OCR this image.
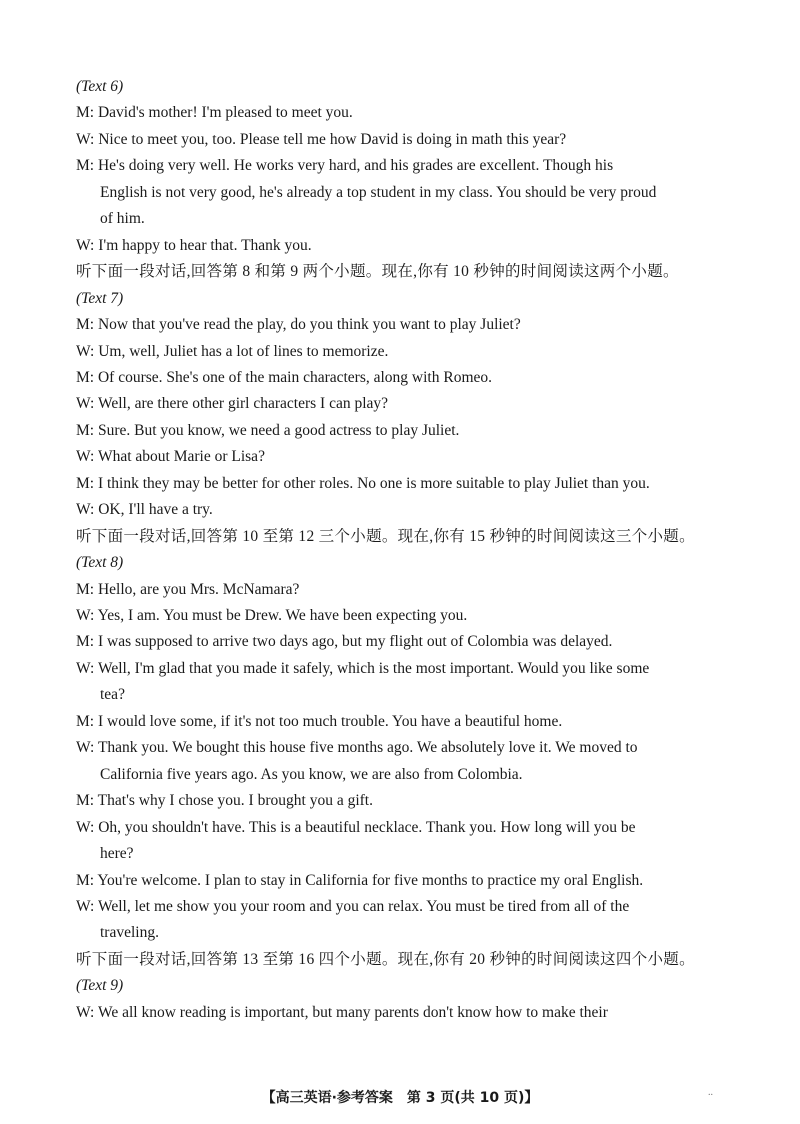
(Text 6)
M: David's mother! I'm pleased to meet you.
W: Nice to meet you, too. Please tell me how David is doing in math this year?
M: He's doing very well. He works very hard, and his grades are excellent. Though his
English is not very good, he's already a top student in my class. You should be very proud
of him.
W: I'm happy to hear that. Thank you.
听下面一段对话,回答第 8 和第 9 两个小题。现在,你有 10 秒钟的时间阅读这两个小题。
(Text 7)
M: Now that you've read the play, do you think you want to play Juliet?
W: Um, well, Juliet has a lot of lines to memorize.
M: Of course. She's one of the main characters, along with Romeo.
W: Well, are there other girl characters I can play?
M: Sure. But you know, we need a good actress to play Juliet.
W: What about Marie or Lisa?
M: I think they may be better for other roles. No one is more suitable to play Juliet than you.
W: OK, I'll have a try.
听下面一段对话,回答第 10 至第 12 三个小题。现在,你有 15 秒钟的时间阅读这三个小题。
(Text 8)
M: Hello, are you Mrs. McNamara?
W: Yes, I am. You must be Drew. We have been expecting you.
M: I was supposed to arrive two days ago, but my flight out of Colombia was delayed.
W: Well, I'm glad that you made it safely, which is the most important. Would you like some
tea?
M: I would love some, if it's not too much trouble. You have a beautiful home.
W: Thank you. We bought this house five months ago. We absolutely love it. We moved to
California five years ago. As you know, we are also from Colombia.
M: That's why I chose you. I brought you a gift.
W: Oh, you shouldn't have. This is a beautiful necklace. Thank you. How long will you be
here?
M: You're welcome. I plan to stay in California for five months to practice my oral English.
W: Well, let me show you your room and you can relax. You must be tired from all of the
traveling.
听下面一段对话,回答第 13 至第 16 四个小题。现在,你有 20 秒钟的时间阅读这四个小题。
(Text 9)
W: We all know reading is important, but many parents don't know how to make their
【高三英语·参考答案　第 3 页(共 10 页)】	..
